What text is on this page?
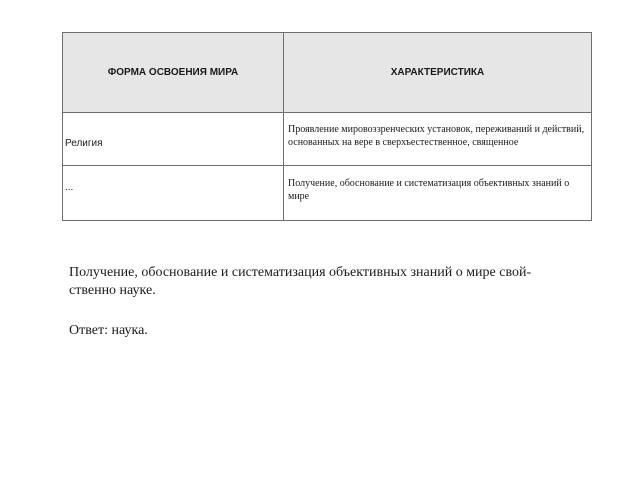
ФОРМА ОСВОЕНИЯ МИРА	ХАРАКТЕРИСТИКА

Религия	Проявление мировоззренческих установок, переживаний и действий, основанных на вере в сверхъестественное, священное

...	Получение, обоснование и систематизация объективных знаний о мире

Получение, обоснование и систематизация объективных знаний о мире свой-

ственно науке.

Ответ: наука.
